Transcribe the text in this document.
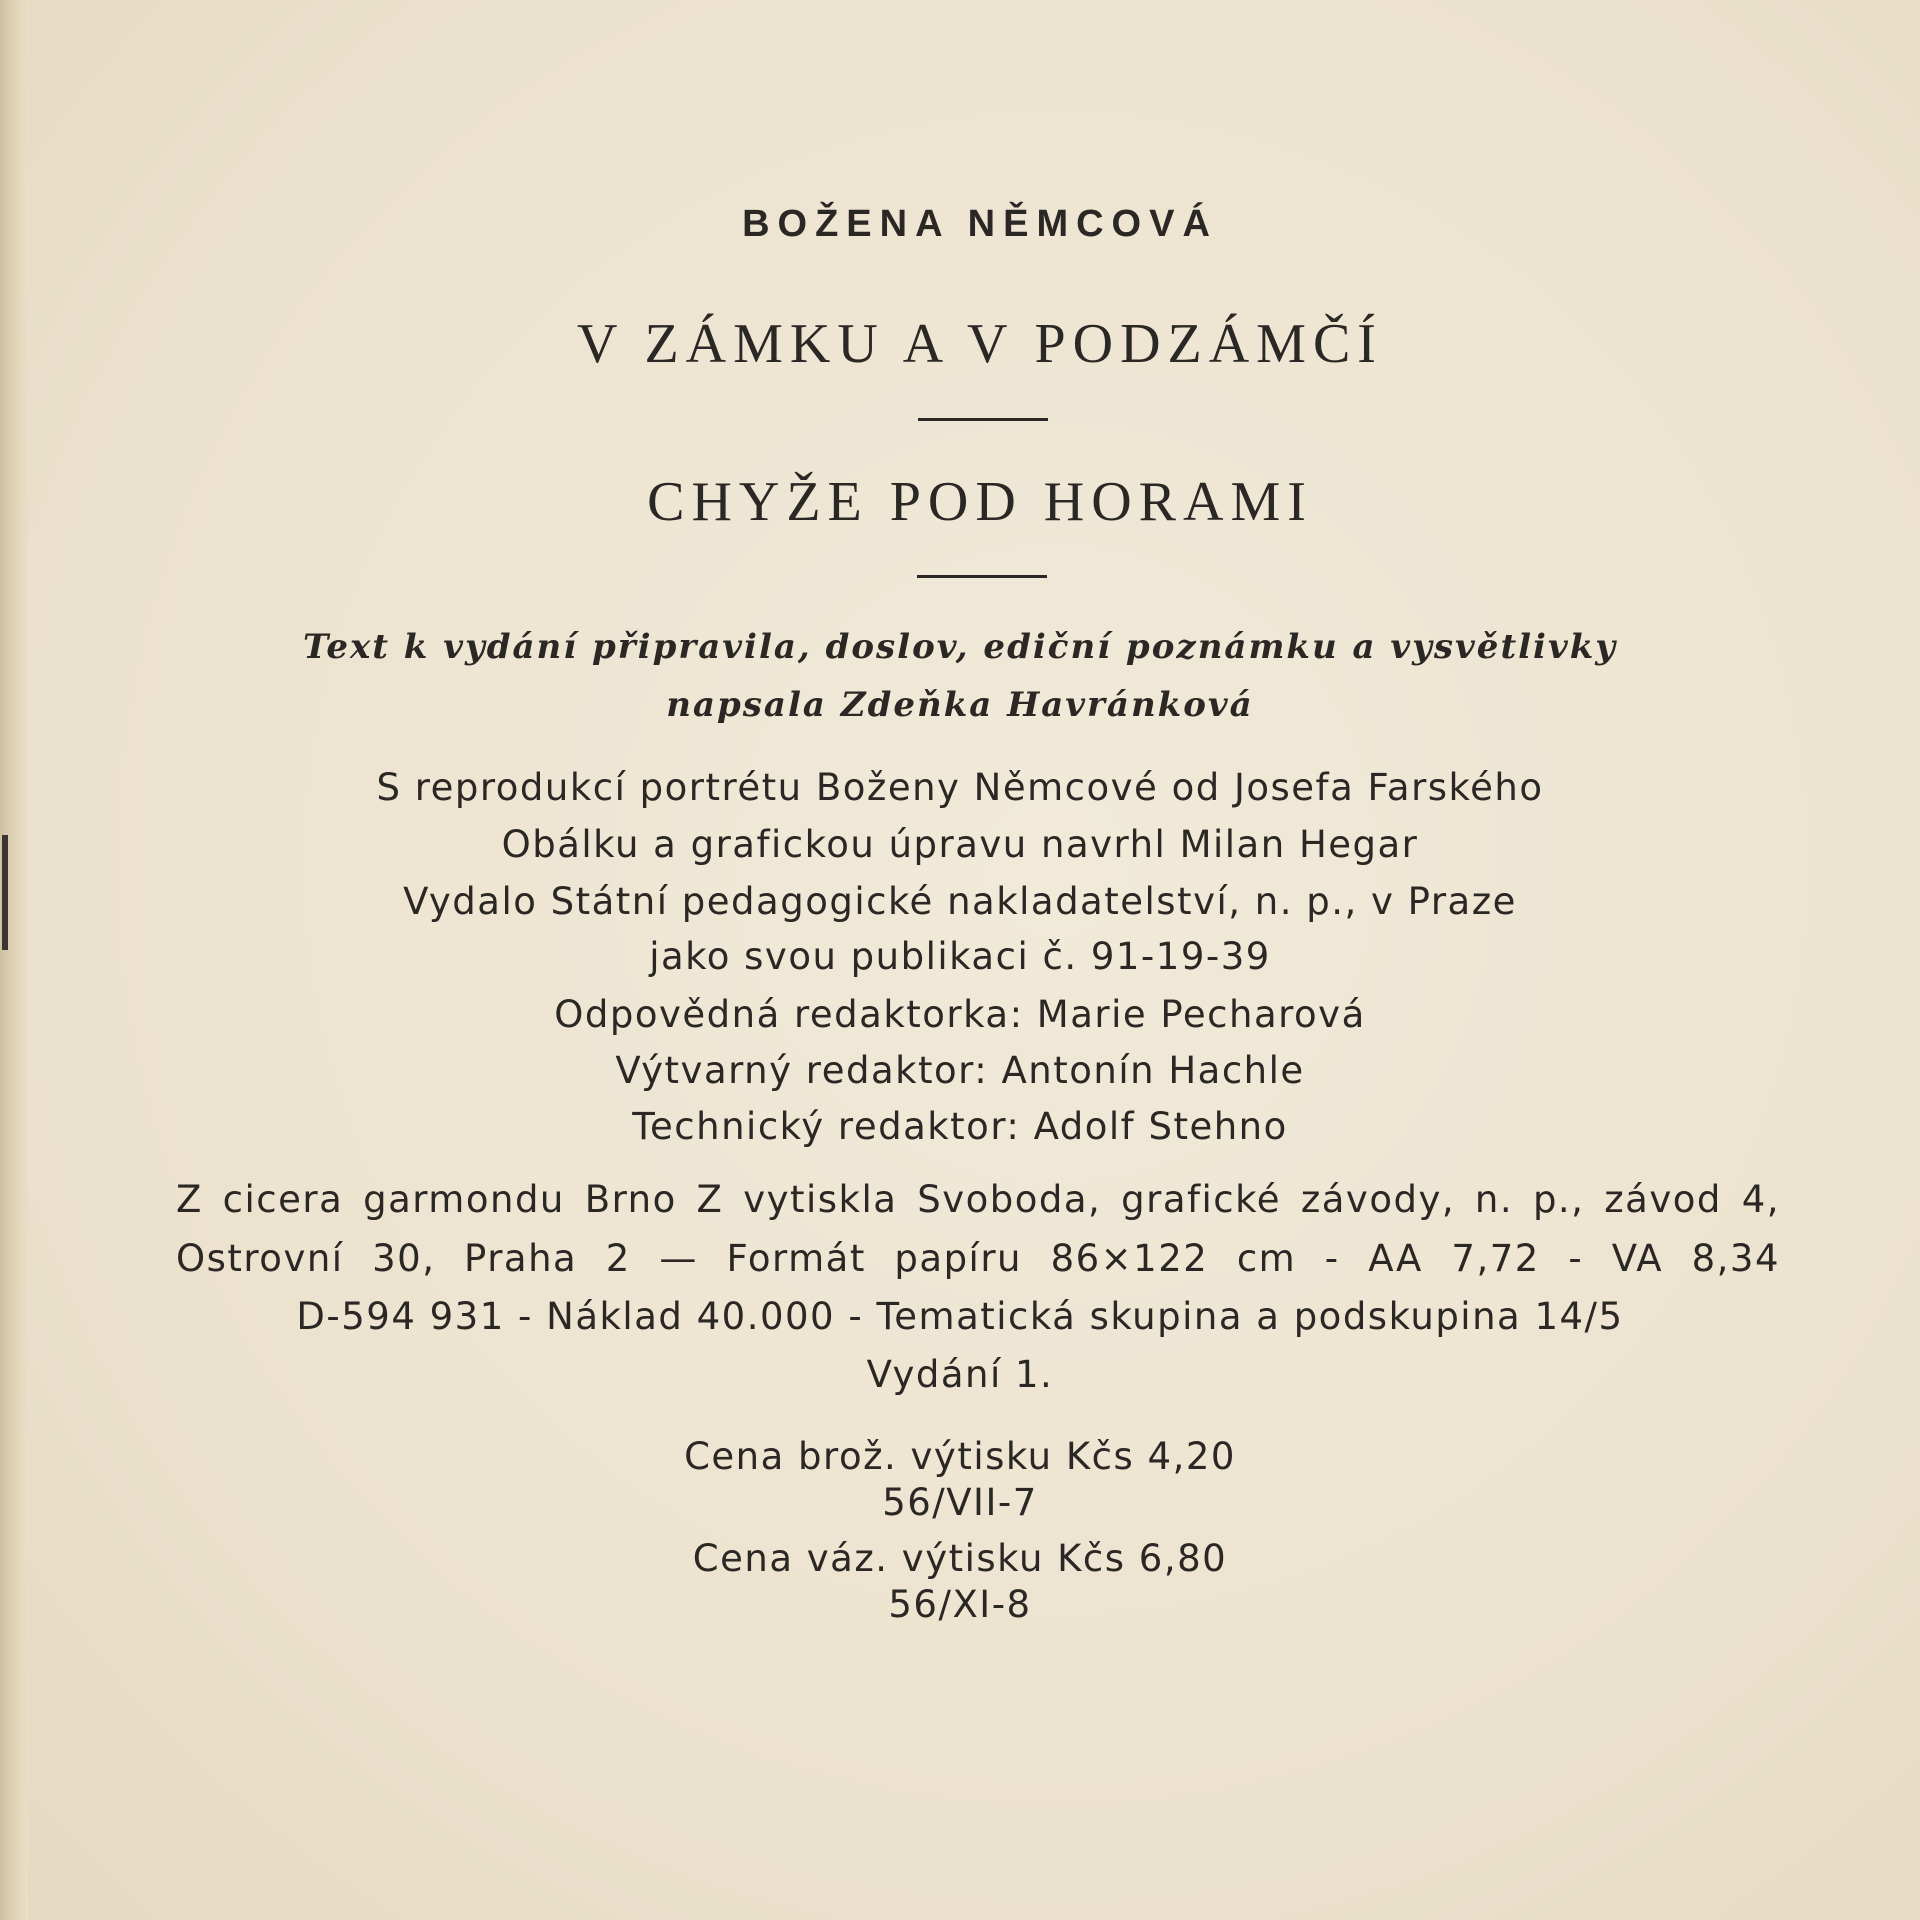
BOŽENA NĚMCOVÁ
V ZÁMKU A V PODZÁMČÍ
CHYŽE POD HORAMI
Text k vydání připravila, doslov, ediční poznámku a vysvětlivky
napsala Zdeňka Havránková
S reprodukcí portrétu Boženy Němcové od Josefa Farského
Obálku a grafickou úpravu navrhl Milan Hegar
Vydalo Státní pedagogické nakladatelství, n. p., v Praze
jako svou publikaci č. 91-19-39
Odpovědná redaktorka: Marie Pecharová
Výtvarný redaktor: Antonín Hachle
Technický redaktor: Adolf Stehno
Z cicera garmondu Brno Z vytiskla Svoboda, grafické závody, n. p., závod 4,
Ostrovní 30, Praha 2 — Formát papíru 86×122 cm - AA 7,72 - VA 8,34
D-594 931 - Náklad 40.000 - Tematická skupina a podskupina 14/5
Vydání 1.
Cena brož. výtisku Kčs 4,20
56/VII-7
Cena váz. výtisku Kčs 6,80
56/XI-8
